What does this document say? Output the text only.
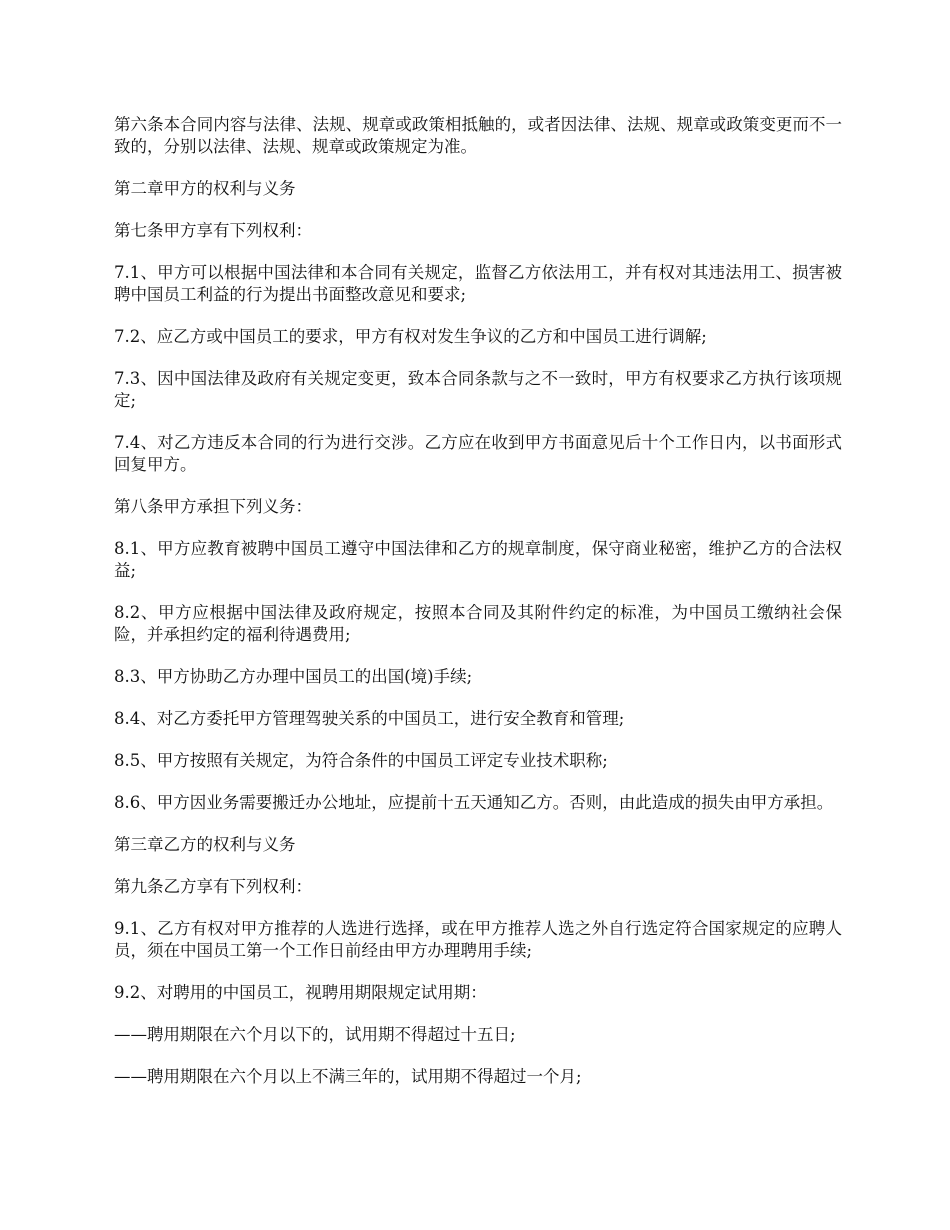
第六条本合同内容与法律、法规、规章或政策相抵触的，或者因法律、法规、规章或政策变更而不一致的，分别以法律、法规、规章或政策规定为准。

第二章甲方的权利与义务

第七条甲方享有下列权利：

7.1、甲方可以根据中国法律和本合同有关规定，监督乙方依法用工，并有权对其违法用工、损害被聘中国员工利益的行为提出书面整改意见和要求;

7.2、应乙方或中国员工的要求，甲方有权对发生争议的乙方和中国员工进行调解;

7.3、因中国法律及政府有关规定变更，致本合同条款与之不一致时，甲方有权要求乙方执行该项规定;

7.4、对乙方违反本合同的行为进行交涉。乙方应在收到甲方书面意见后十个工作日内，以书面形式回复甲方。

第八条甲方承担下列义务：

8.1、甲方应教育被聘中国员工遵守中国法律和乙方的规章制度，保守商业秘密，维护乙方的合法权益;

8.2、甲方应根据中国法律及政府规定，按照本合同及其附件约定的标准，为中国员工缴纳社会保险，并承担约定的福利待遇费用;

8.3、甲方协助乙方办理中国员工的出国(境)手续;

8.4、对乙方委托甲方管理驾驶关系的中国员工，进行安全教育和管理;

8.5、甲方按照有关规定，为符合条件的中国员工评定专业技术职称;

8.6、甲方因业务需要搬迁办公地址，应提前十五天通知乙方。否则，由此造成的损失由甲方承担。

第三章乙方的权利与义务

第九条乙方享有下列权利：

9.1、乙方有权对甲方推荐的人选进行选择，或在甲方推荐人选之外自行选定符合国家规定的应聘人员，须在中国员工第一个工作日前经由甲方办理聘用手续;

9.2、对聘用的中国员工，视聘用期限规定试用期：

——聘用期限在六个月以下的，试用期不得超过十五日;

——聘用期限在六个月以上不满三年的，试用期不得超过一个月;
